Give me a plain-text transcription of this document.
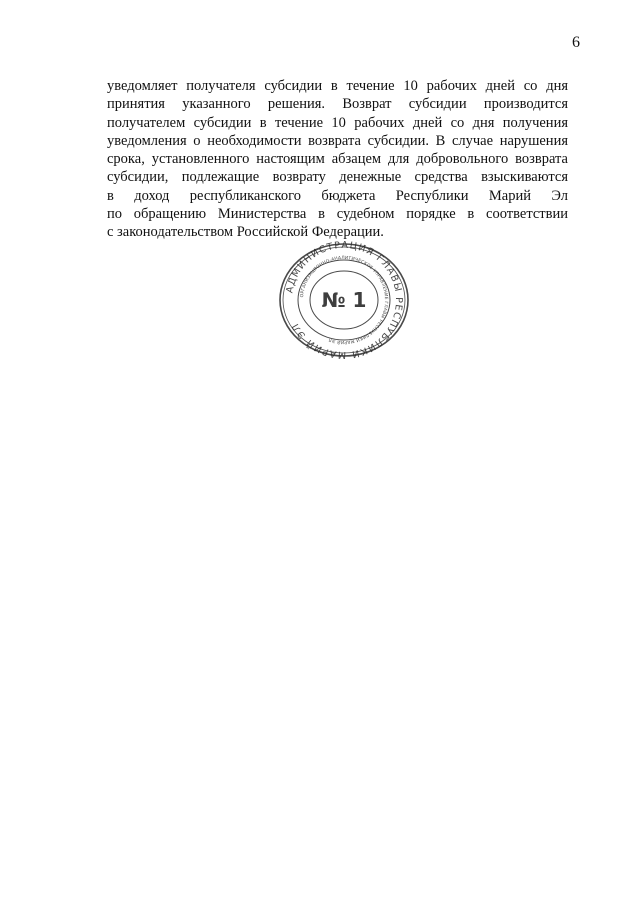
6

уведомляет получателя субсидии в течение 10 рабочих дней со дня
принятия указанного решения. Возврат субсидии производится
получателем субсидии в течение 10 рабочих дней со дня получения
уведомления о необходимости возврата субсидии. В случае нарушения
срока, установленного настоящим абзацем для добровольного возврата
субсидии, подлежащие возврату денежные средства взыскиваются
в доход республиканского бюджета Республики Марий Эл
по обращению Министерства в судебном порядке в соответствии
с законодательством Российской Федерации.

АДМИНИСТРАЦИЯ ГЛАВЫ РЕСПУБЛИКИ МАРИЙ ЭЛ
ОРГАНИЗАЦИОННО-АНАЛИТИЧЕСКОЕ УПРАВЛЕНИЕ ГЛАВЫ РЕСПУБЛИКИ МАРИЙ ЭЛ
№ 1
